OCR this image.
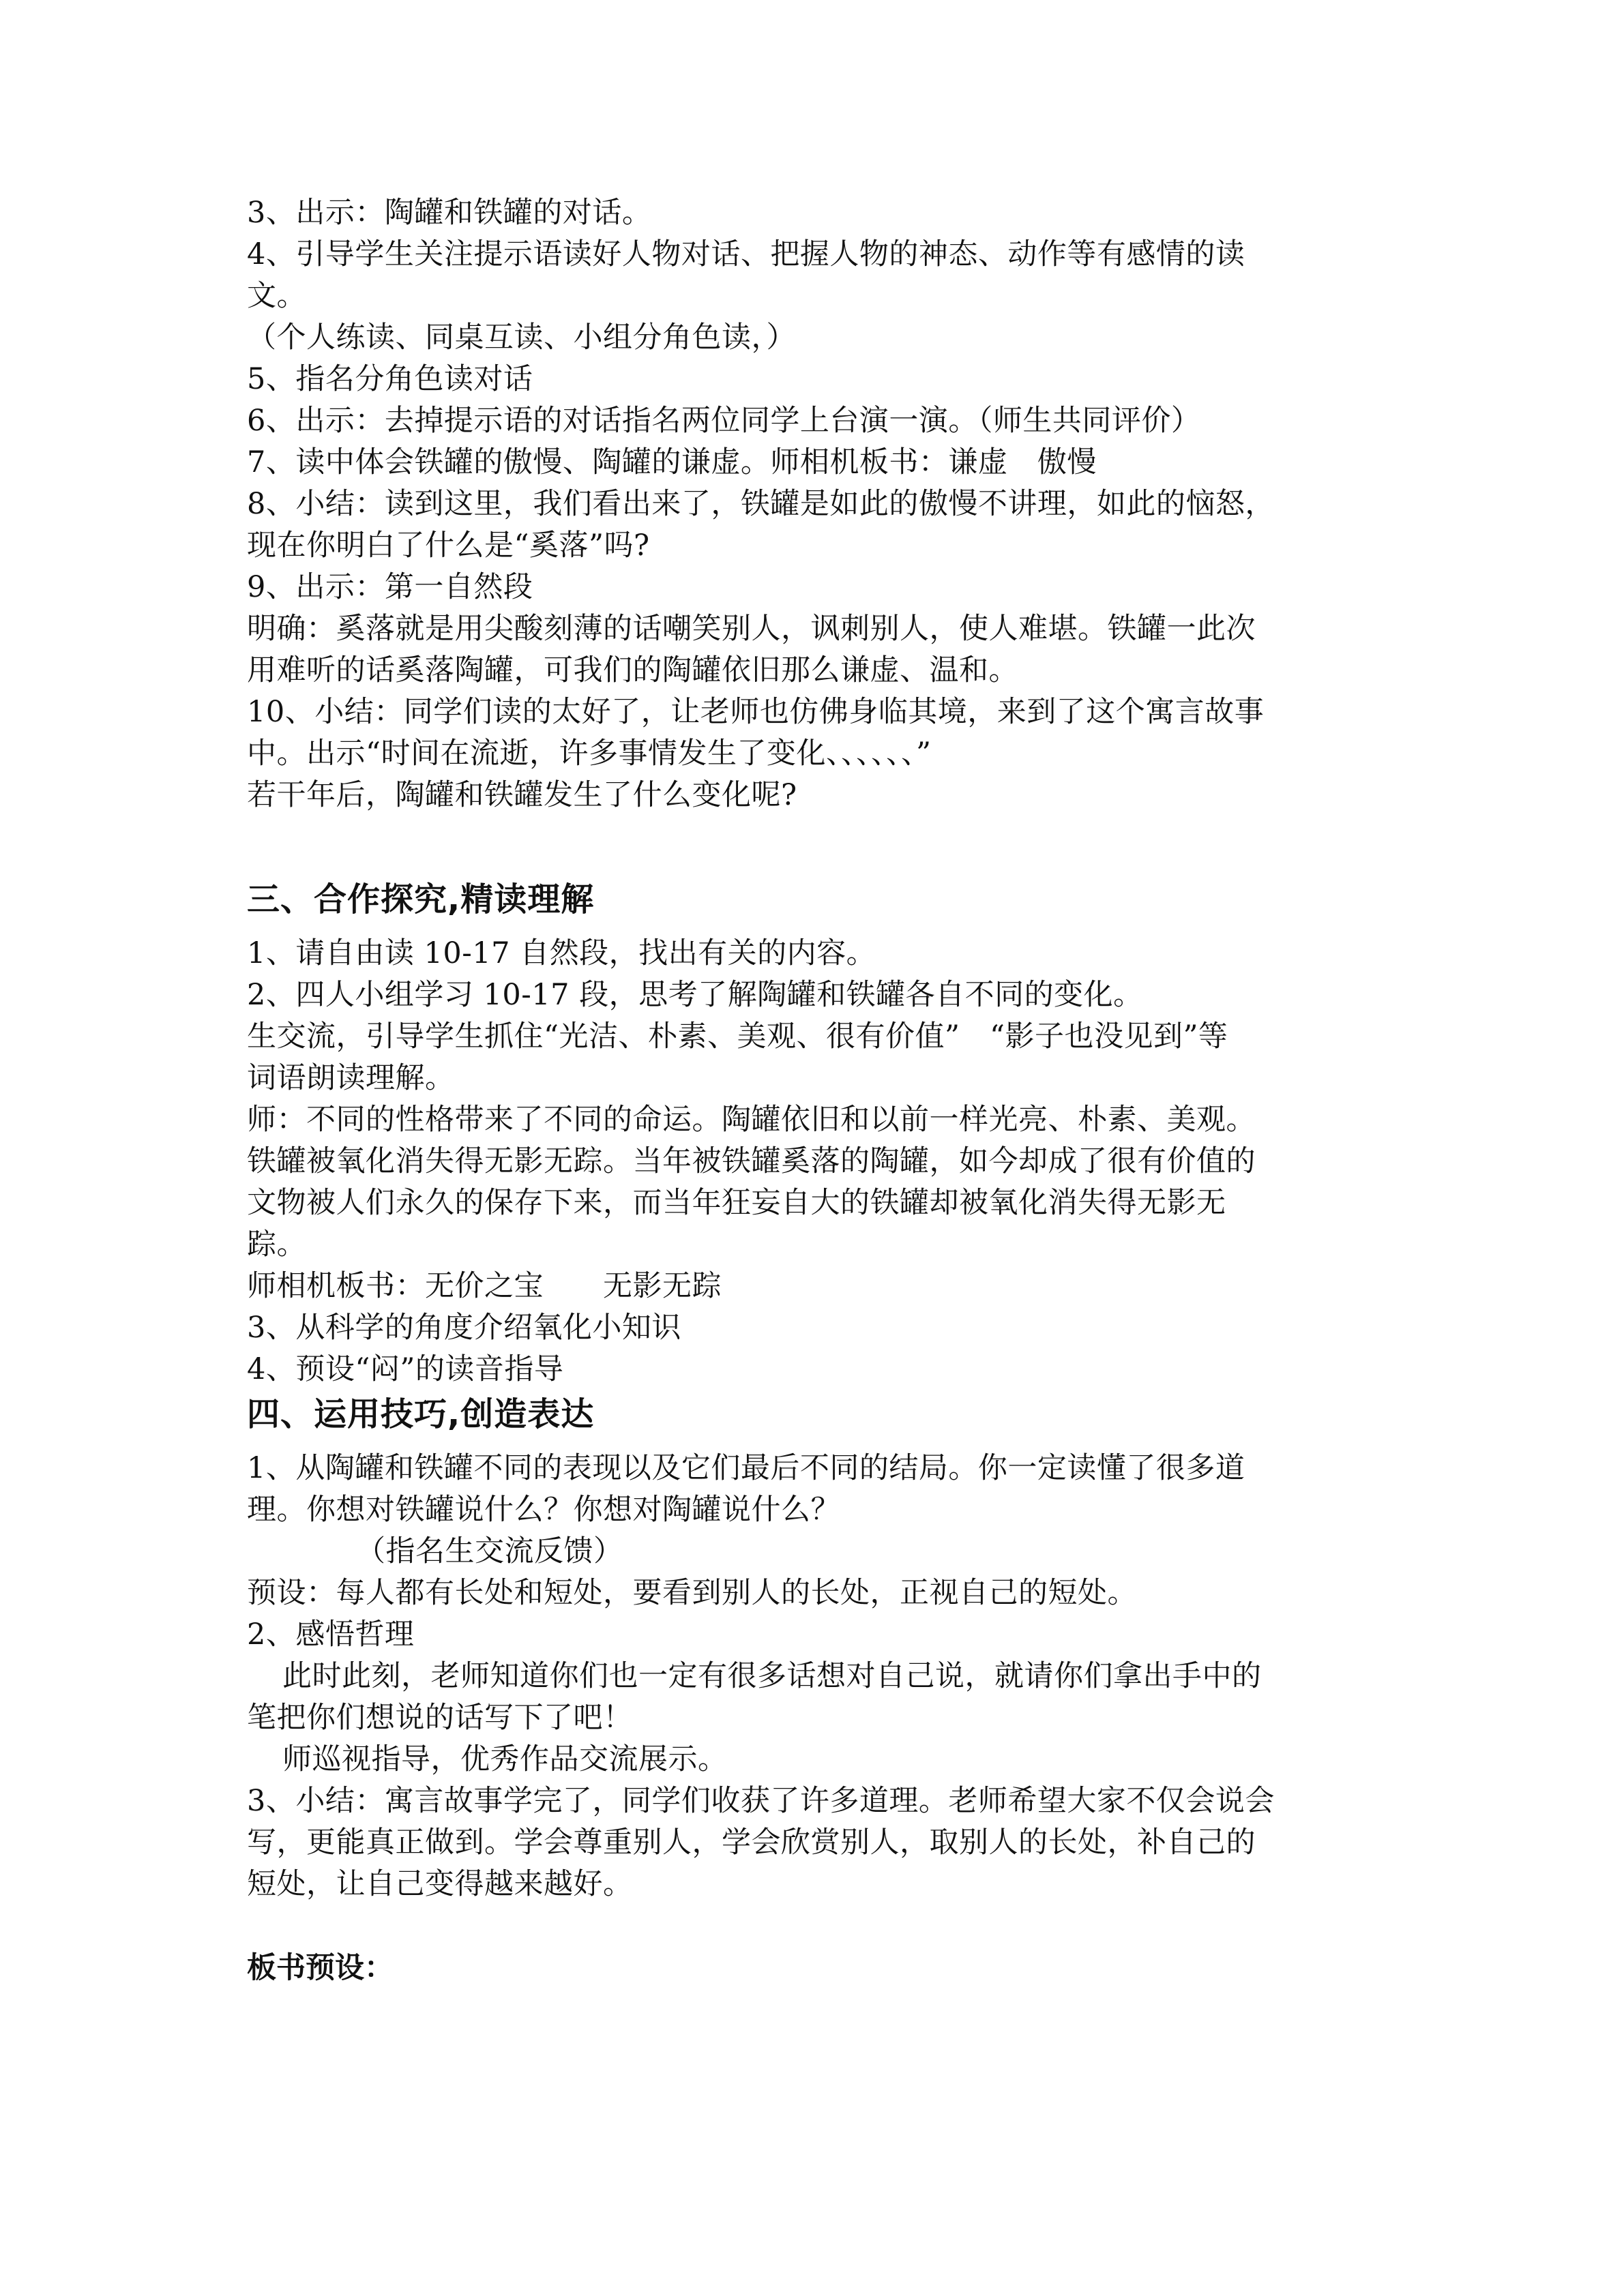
3、出示：陶罐和铁罐的对话。
4、引导学生关注提示语读好人物对话、把握人物的神态、动作等有感情的读
文。
（个人练读、同桌互读、小组分角色读，）
5、指名分角色读对话
6、出示：去掉提示语的对话指名两位同学上台演一演。（师生共同评价）
7、读中体会铁罐的傲慢、陶罐的谦虚。师相机板书：谦虚　傲慢
8、小结：读到这里，我们看出来了，铁罐是如此的傲慢不讲理，如此的恼怒，
现在你明白了什么是“奚落”吗?
9、出示：第一自然段
明确：奚落就是用尖酸刻薄的话嘲笑别人，讽刺别人，使人难堪。铁罐一此次
用难听的话奚落陶罐，可我们的陶罐依旧那么谦虚、温和。
10、小结：同学们读的太好了，让老师也仿佛身临其境，来到了这个寓言故事
中。出示“时间在流逝，许多事情发生了变化、、、、、、”
若干年后，陶罐和铁罐发生了什么变化呢?
三、合作探究,精读理解
1、请自由读 10-17 自然段，找出有关的内容。
2、四人小组学习 10-17 段，思考了解陶罐和铁罐各自不同的变化。
生交流，引导学生抓住“光洁、朴素、美观、很有价值”　“影子也没见到”等
词语朗读理解。
师：不同的性格带来了不同的命运。陶罐依旧和以前一样光亮、朴素、美观。
铁罐被氧化消失得无影无踪。当年被铁罐奚落的陶罐，如今却成了很有价值的
文物被人们永久的保存下来，而当年狂妄自大的铁罐却被氧化消失得无影无
踪。
师相机板书：无价之宝　　无影无踪
3、从科学的角度介绍氧化小知识
4、预设“闷”的读音指导
四、运用技巧,创造表达
1、从陶罐和铁罐不同的表现以及它们最后不同的结局。你一定读懂了很多道
理。你想对铁罐说什么？你想对陶罐说什么？
（指名生交流反馈）
预设：每人都有长处和短处，要看到别人的长处，正视自己的短处。
2、感悟哲理
此时此刻，老师知道你们也一定有很多话想对自己说，就请你们拿出手中的
笔把你们想说的话写下了吧！
师巡视指导，优秀作品交流展示。
3、小结：寓言故事学完了，同学们收获了许多道理。老师希望大家不仅会说会
写，更能真正做到。学会尊重别人，学会欣赏别人，取别人的长处，补自己的
短处，让自己变得越来越好。
板书预设：
